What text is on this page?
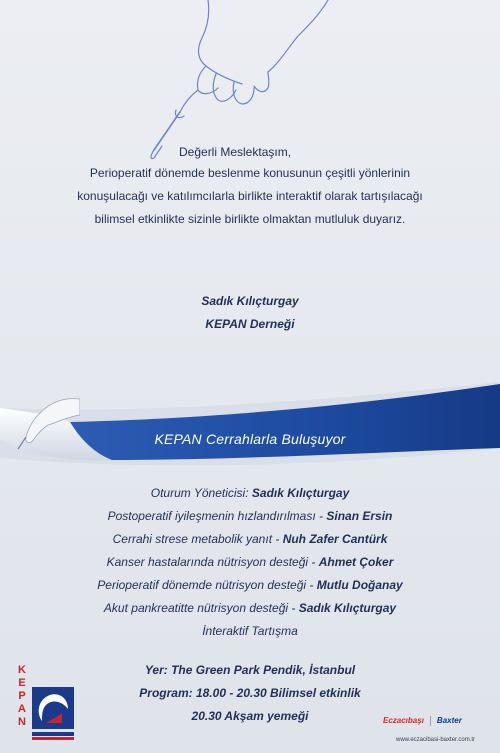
Değerli Meslektaşım,
Perioperatif dönemde beslenme konusunun çeşitli yönlerinin
konuşulacağı ve katılımcılarla birlikte interaktif olarak tartışılacağı
bilimsel etkinlikte sizinle birlikte olmaktan mutluluk duyarız.
Sadık Kılıçturgay
KEPAN Derneği
KEPAN Cerrahlarla Buluşuyor
Oturum Yöneticisi: Sadık Kılıçturgay
Postoperatif iyileşmenin hızlandırılması - Sinan Ersin
Cerrahi strese metabolik yanıt - Nuh Zafer Cantürk
Kanser hastalarında nütrisyon desteği - Ahmet Çoker
Perioperatif dönemde nütrisyon desteği - Mutlu Doğanay
Akut pankreatitte nütrisyon desteği - Sadık Kılıçturgay
İnteraktif Tartışma
Yer: The Green Park Pendik, İstanbul
Program: 18.00 - 20.30 Bilimsel etkinlik
20.30 Akşam yemeği
K
E
P
A
N	Eczacıbaşı Baxter
www.eczacibasi-baxter.com.tr
